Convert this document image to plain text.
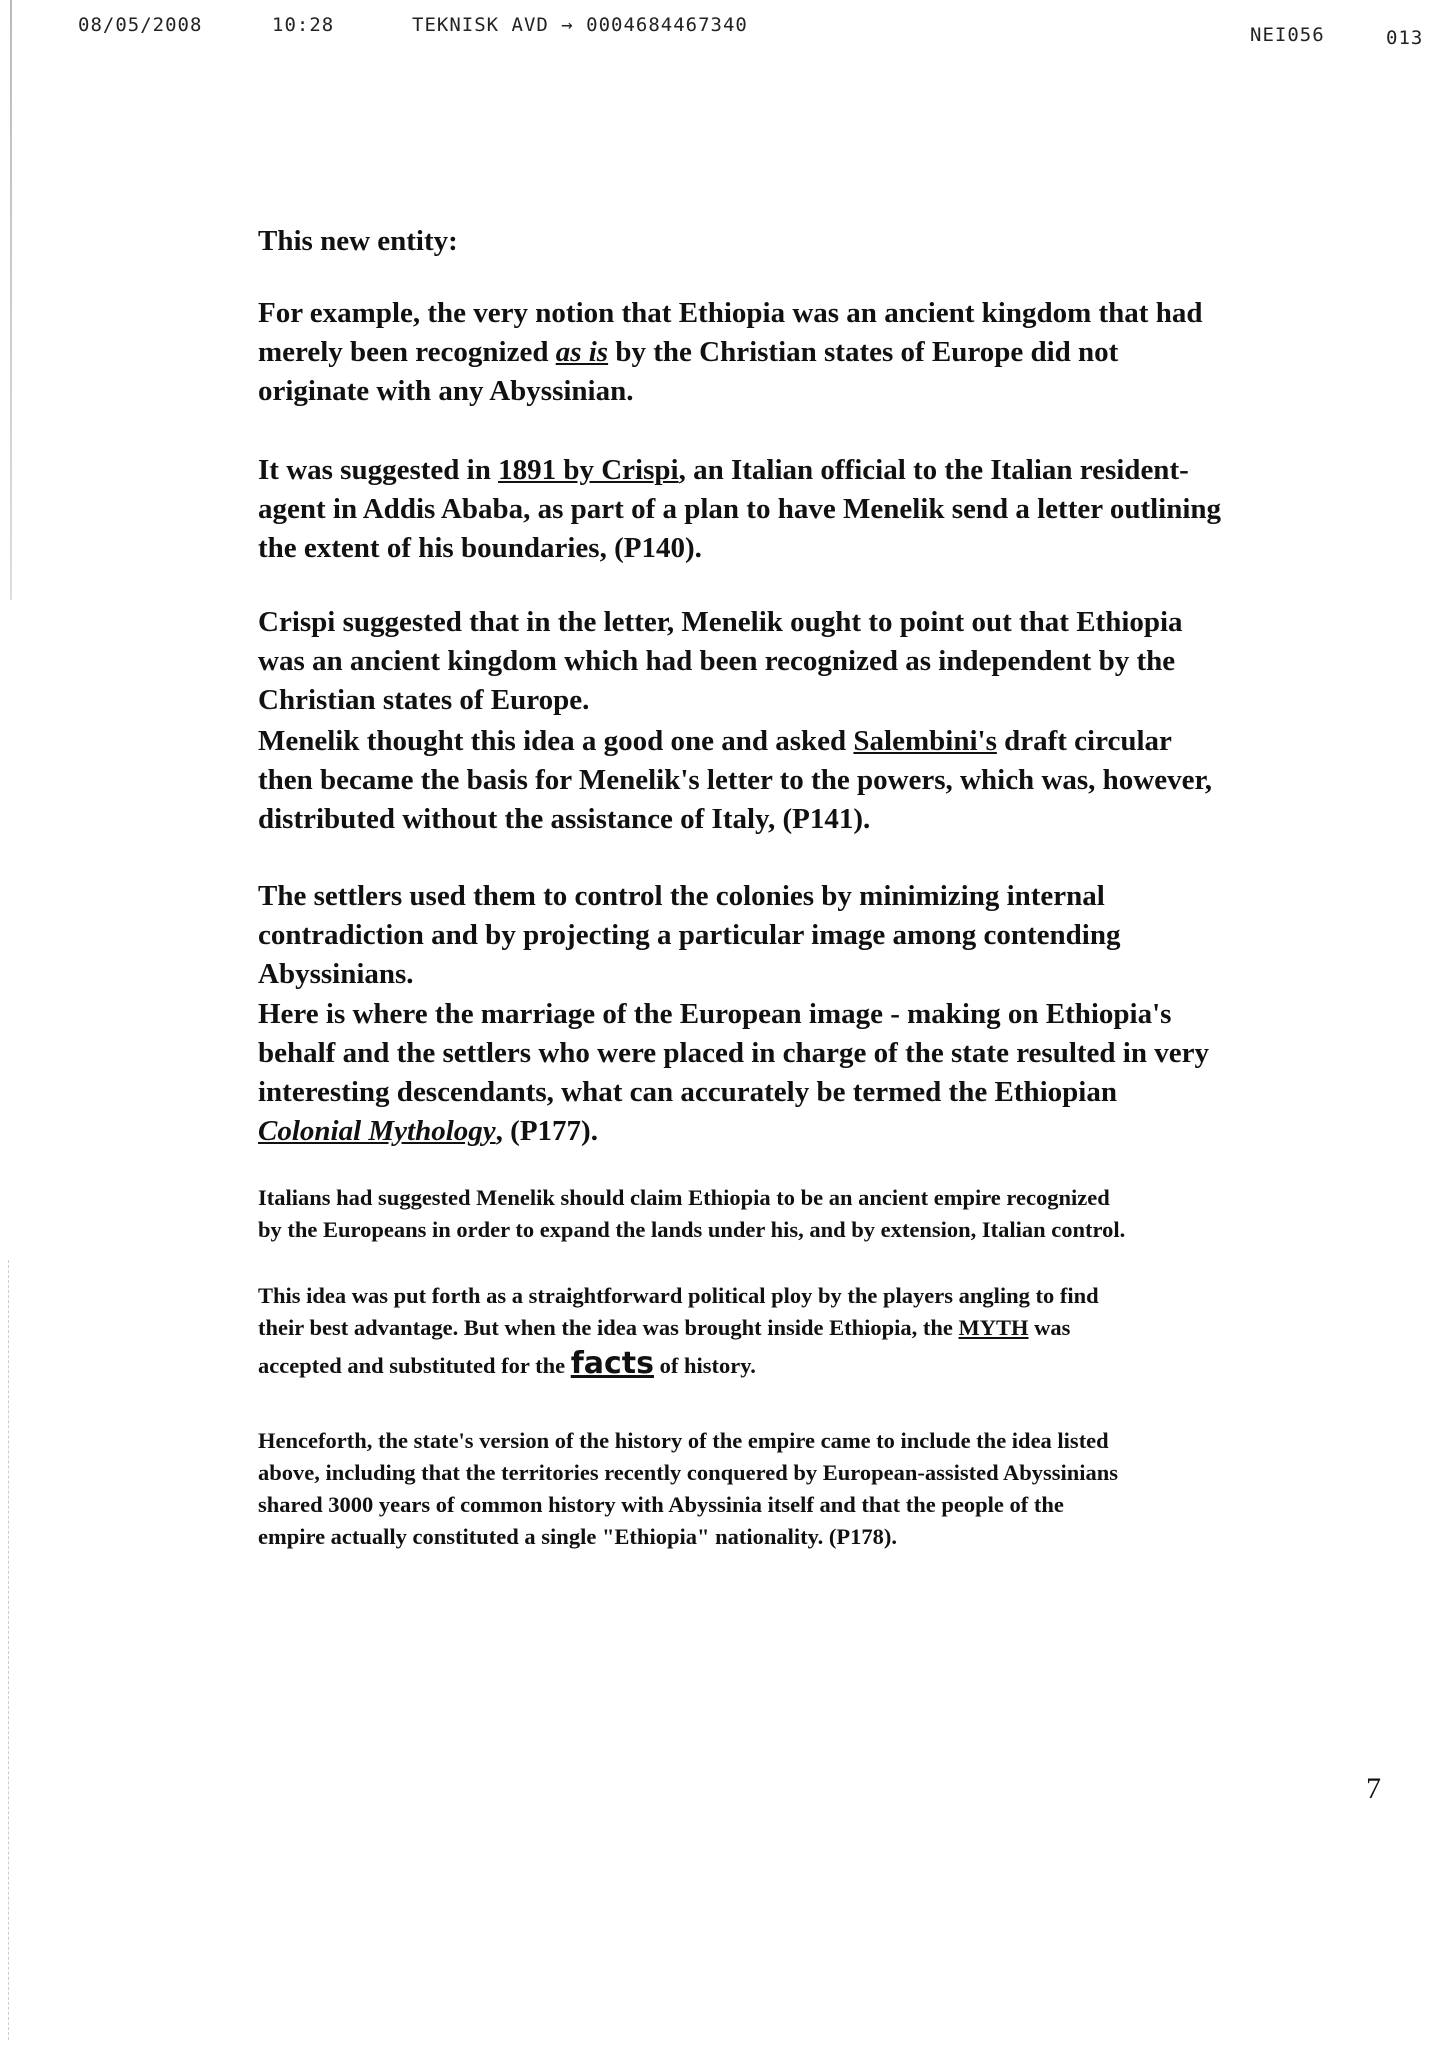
08/05/2008	10:28	TEKNISK AVD → 0004684467340	NEI056	013
This new entity:
For example, the very notion that Ethiopia was an ancient kingdom that had
merely been recognized as is by the Christian states of Europe did not
originate with any Abyssinian.
It was suggested in 1891 by Crispi, an Italian official to the Italian resident-
agent in Addis Ababa, as part of a plan to have Menelik send a letter outlining
the extent of his boundaries, (P140).
Crispi suggested that in the letter, Menelik ought to point out that Ethiopia
was an ancient kingdom which had been recognized as independent by the
Christian states of Europe.
Menelik thought this idea a good one and asked Salembini's draft circular
then became the basis for Menelik's letter to the powers, which was, however,
distributed without the assistance of Italy, (P141).
The settlers used them to control the colonies by minimizing internal
contradiction and by projecting a particular image among contending
Abyssinians.
Here is where the marriage of the European image - making on Ethiopia's
behalf and the settlers who were placed in charge of the state resulted in very
interesting descendants, what can accurately be termed the Ethiopian
Colonial Mythology, (P177).
Italians had suggested Menelik should claim Ethiopia to be an ancient empire recognized
by the Europeans in order to expand the lands under his, and by extension, Italian control.
This idea was put forth as a straightforward political ploy by the players angling to find
their best advantage. But when the idea was brought inside Ethiopia, the MYTH was
accepted and substituted for the facts of history.
Henceforth, the state's version of the history of the empire came to include the idea listed
above, including that the territories recently conquered by European-assisted Abyssinians
shared 3000 years of common history with Abyssinia itself and that the people of the
empire actually constituted a single "Ethiopia" nationality. (P178).
7
